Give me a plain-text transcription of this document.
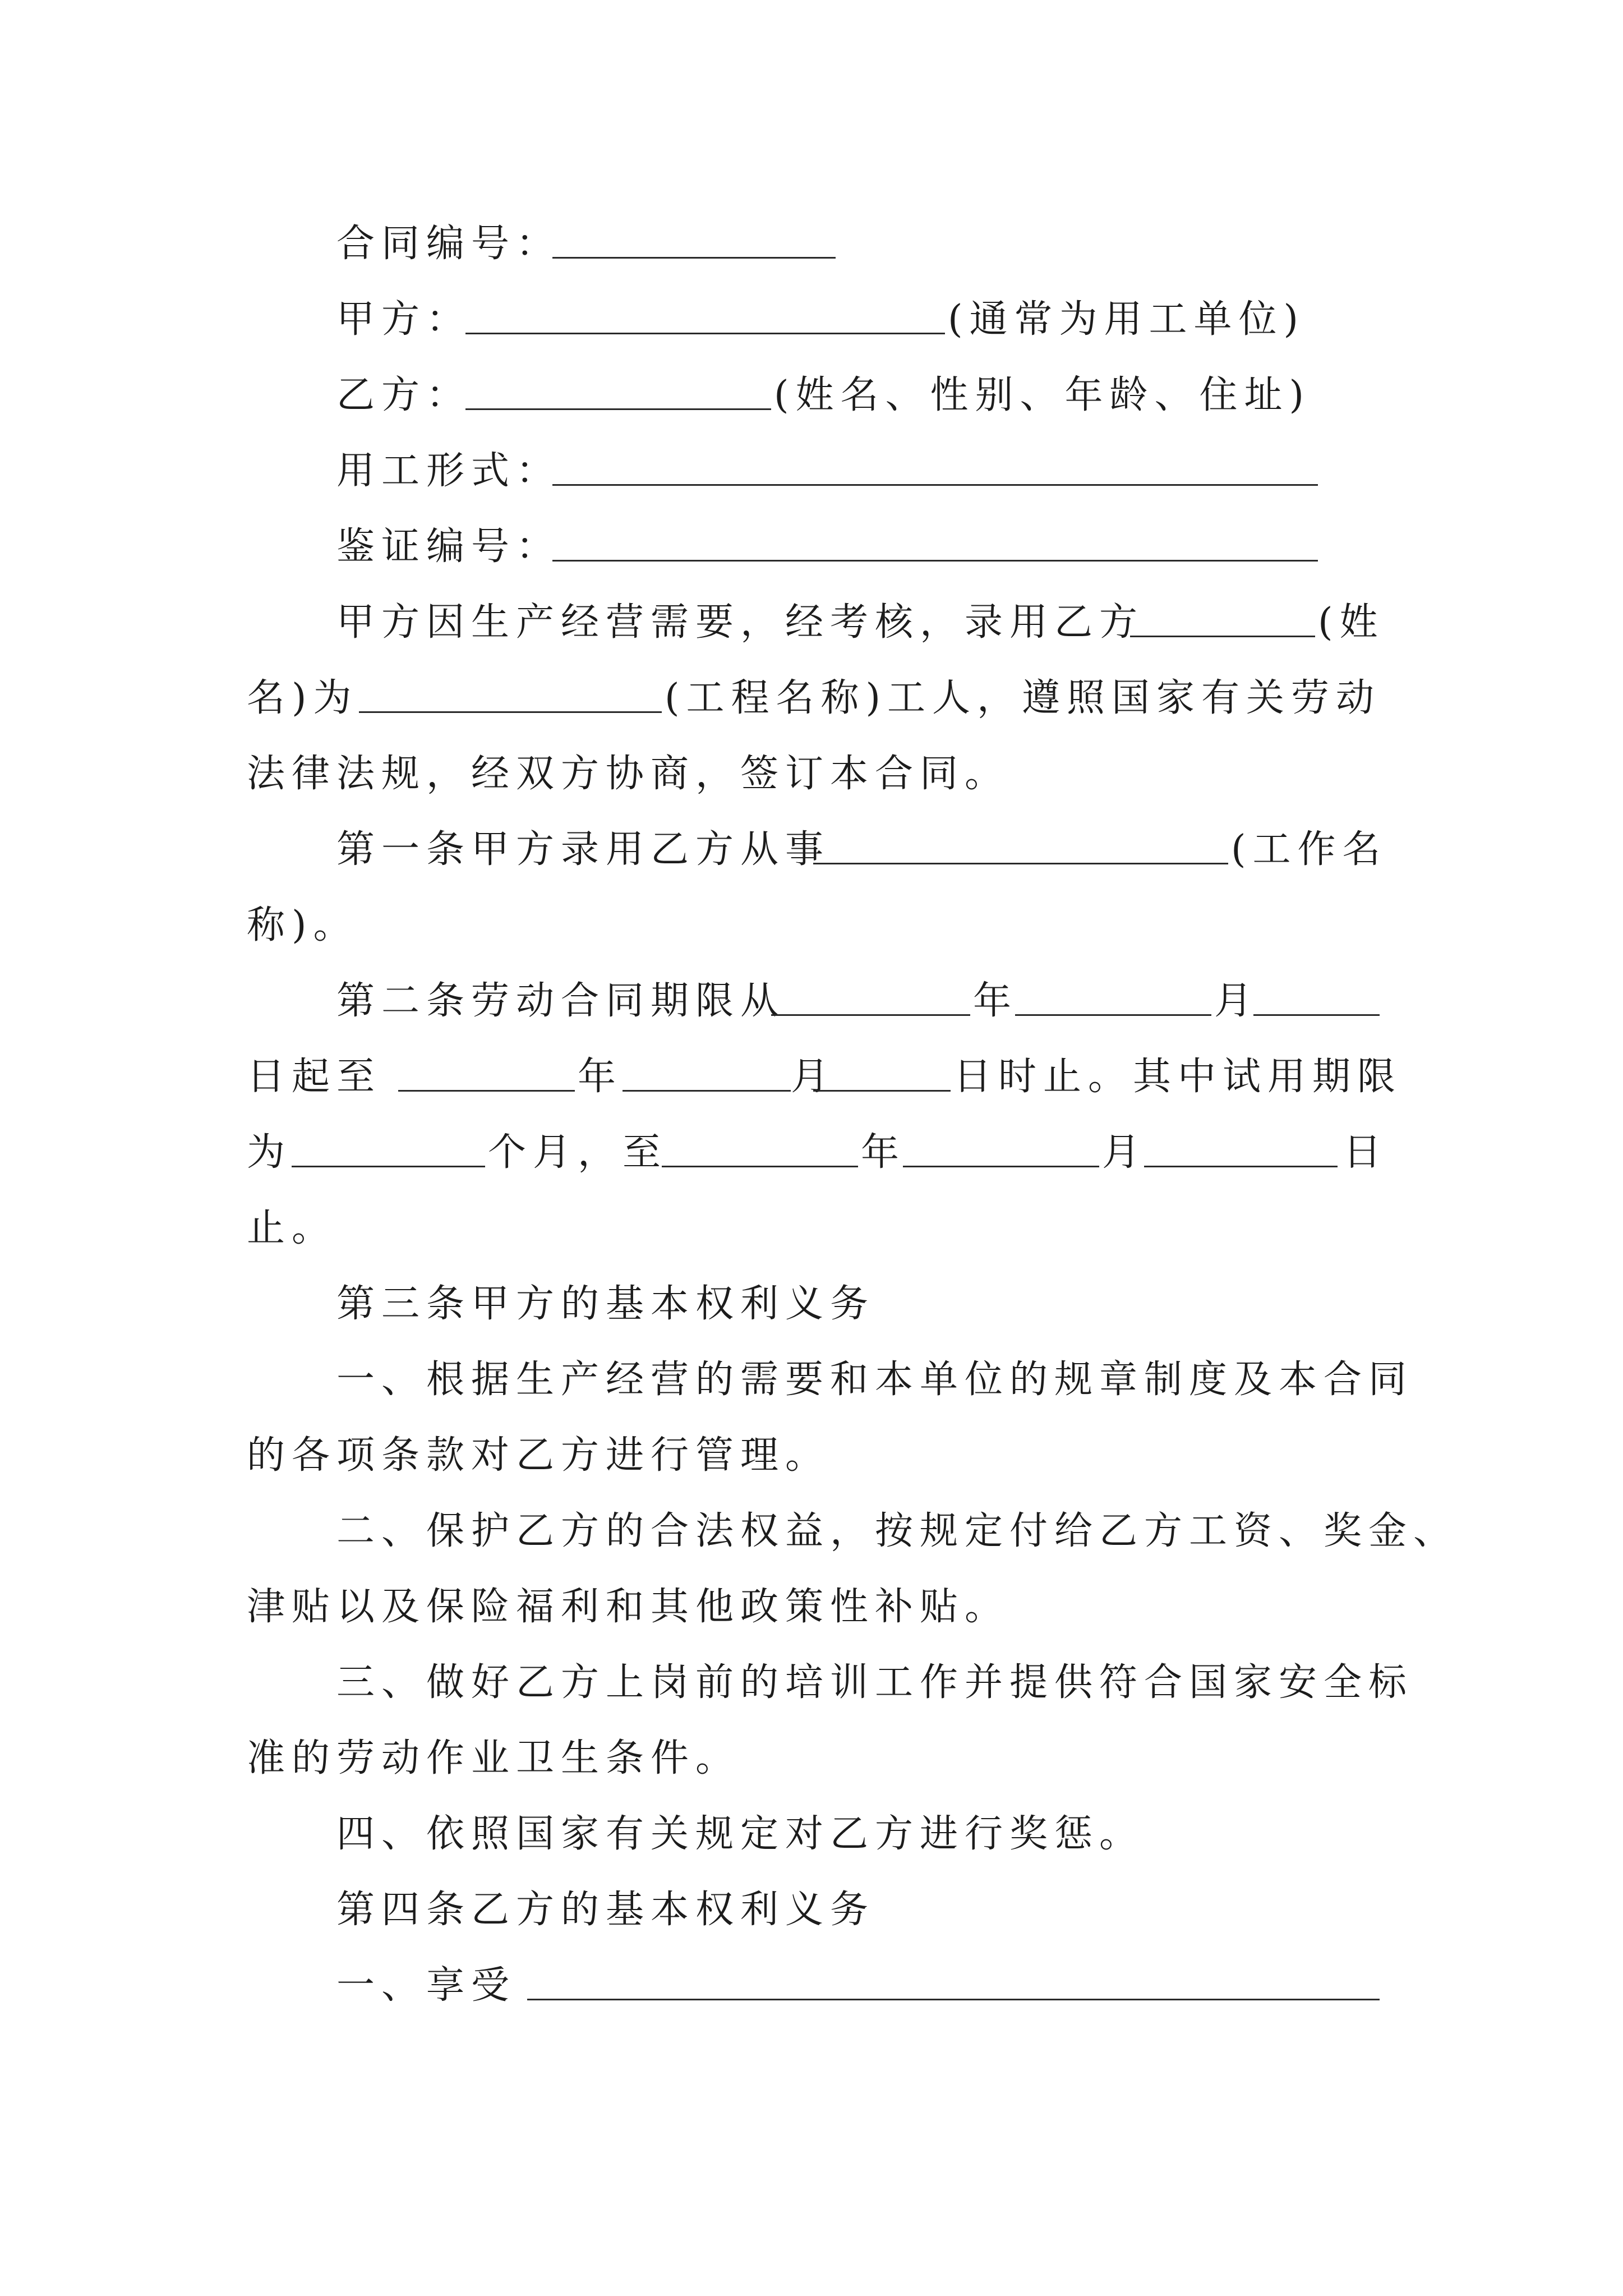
合同编号：
甲方：	(通常为用工单位)
乙方：	(姓名、性别、年龄、住址)
用工形式：
鉴证编号：
甲方因生产经营需要，经考核，录用乙方	(姓
名)为	(工程名称)工人，遵照国家有关劳动
法律法规，经双方协商，签订本合同。
第一条甲方录用乙方从事	(工作名
称)。
第二条劳动合同期限从	年	月
日起至	年	月	日时止。其中试用期限
为	个月，至	年	月	日
止。
第三条甲方的基本权利义务
一、根据生产经营的需要和本单位的规章制度及本合同
的各项条款对乙方进行管理。
二、保护乙方的合法权益，按规定付给乙方工资、奖金、
津贴以及保险福利和其他政策性补贴。
三、做好乙方上岗前的培训工作并提供符合国家安全标
准的劳动作业卫生条件。
四、依照国家有关规定对乙方进行奖惩。
第四条乙方的基本权利义务
一、享受
